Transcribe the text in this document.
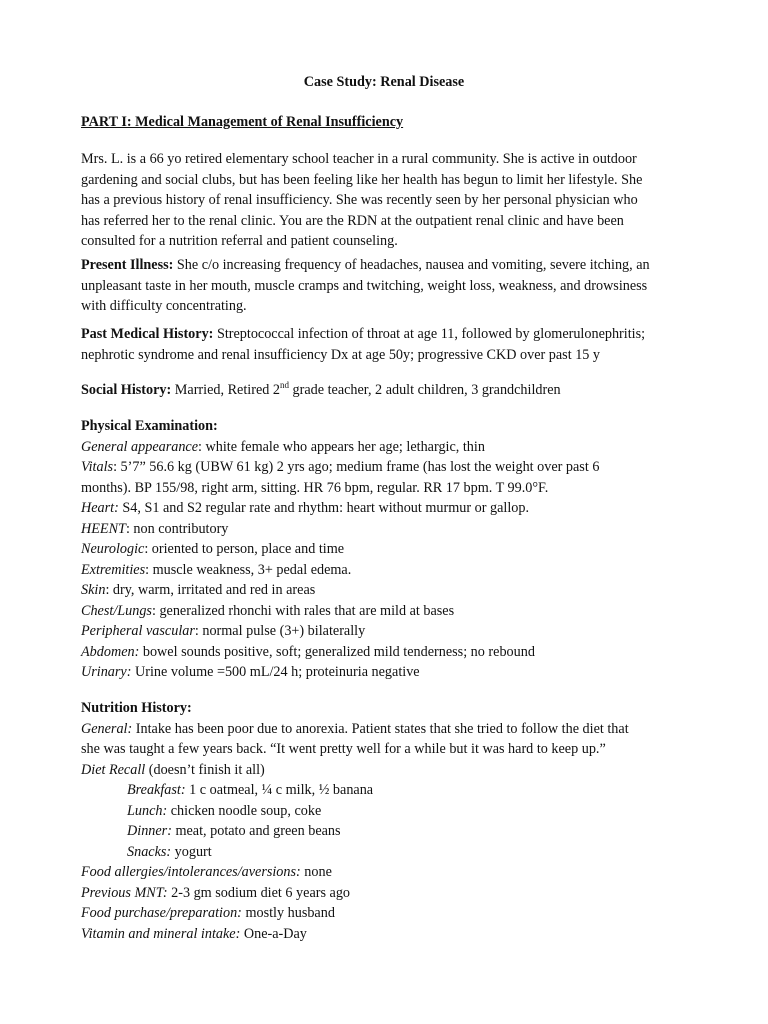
Case Study: Renal Disease
PART I: Medical Management of Renal Insufficiency

Mrs. L. is a 66 yo retired elementary school teacher in a rural community. She is active in outdoor

gardening and social clubs, but has been feeling like her health has begun to limit her lifestyle. She

has a previous history of renal insufficiency. She was recently seen by her personal physician who

has referred her to the renal clinic. You are the RDN at the outpatient renal clinic and have been

consulted for a nutrition referral and patient counseling.

Present Illness: She c/o increasing frequency of headaches, nausea and vomiting, severe itching, an

unpleasant taste in her mouth, muscle cramps and twitching, weight loss, weakness, and drowsiness

with difficulty concentrating.

Past Medical History: Streptococcal infection of throat at age 11, followed by glomerulonephritis;

nephrotic syndrome and renal insufficiency Dx at age 50y; progressive CKD over past 15 y

Social History: Married, Retired 2nd grade teacher, 2 adult children, 3 grandchildren

Physical Examination:

General appearance: white female who appears her age; lethargic, thin

Vitals: 5’7” 56.6 kg (UBW 61 kg) 2 yrs ago; medium frame (has lost the weight over past 6

months). BP 155/98, right arm, sitting. HR 76 bpm, regular. RR 17 bpm. T 99.0°F.

Heart: S4, S1 and S2 regular rate and rhythm: heart without murmur or gallop.

HEENT: non contributory

Neurologic: oriented to person, place and time

Extremities: muscle weakness, 3+ pedal edema.

Skin: dry, warm, irritated and red in areas

Chest/Lungs: generalized rhonchi with rales that are mild at bases

Peripheral vascular: normal pulse (3+) bilaterally

Abdomen: bowel sounds positive, soft; generalized mild tenderness; no rebound

Urinary: Urine volume =500 mL/24 h; proteinuria negative

Nutrition History:

General: Intake has been poor due to anorexia. Patient states that she tried to follow the diet that

she was taught a few years back. “It went pretty well for a while but it was hard to keep up.”

Diet Recall (doesn’t finish it all)

Breakfast: 1 c oatmeal, ¼ c milk, ½ banana

Lunch: chicken noodle soup, coke

Dinner: meat, potato and green beans

Snacks: yogurt

Food allergies/intolerances/aversions: none

Previous MNT: 2-3 gm sodium diet 6 years ago

Food purchase/preparation: mostly husband

Vitamin and mineral intake: One-a-Day
